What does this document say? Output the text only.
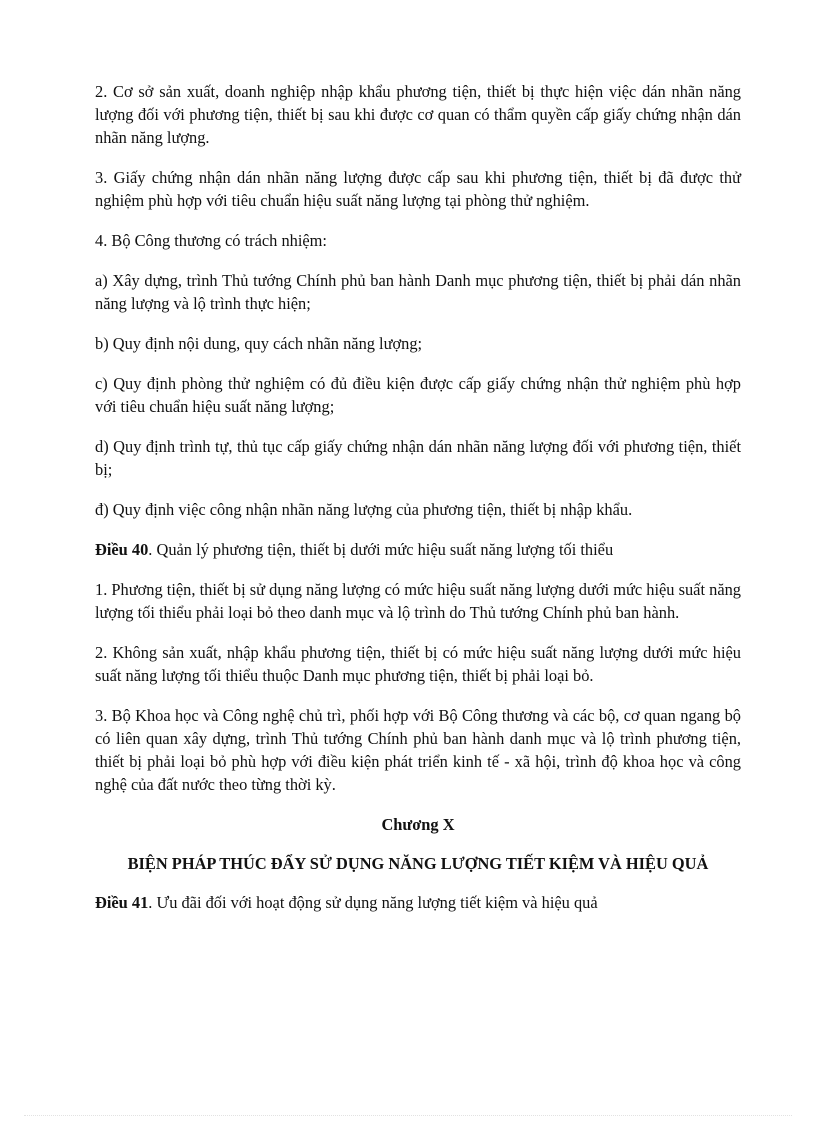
2. Cơ sở sản xuất, doanh nghiệp nhập khẩu phương tiện, thiết bị thực hiện việc dán nhãn năng lượng đối với phương tiện, thiết bị sau khi được cơ quan có thẩm quyền cấp giấy chứng nhận dán nhãn năng lượng.

3. Giấy chứng nhận dán nhãn năng lượng được cấp sau khi phương tiện, thiết bị đã được thử nghiệm phù hợp với tiêu chuẩn hiệu suất năng lượng tại phòng thử nghiệm.

4. Bộ Công thương có trách nhiệm:

a) Xây dựng, trình Thủ tướng Chính phủ ban hành Danh mục phương tiện, thiết bị phải dán nhãn năng lượng và lộ trình thực hiện;

b) Quy định nội dung, quy cách nhãn năng lượng;

c) Quy định phòng thử nghiệm có đủ điều kiện được cấp giấy chứng nhận thử nghiệm phù hợp với tiêu chuẩn hiệu suất năng lượng;

d) Quy định trình tự, thủ tục cấp giấy chứng nhận dán nhãn năng lượng đối với phương tiện, thiết bị;

đ) Quy định việc công nhận nhãn năng lượng của phương tiện, thiết bị nhập khẩu.

Điều 40. Quản lý phương tiện, thiết bị dưới mức hiệu suất năng lượng tối thiểu

1. Phương tiện, thiết bị sử dụng năng lượng có mức hiệu suất năng lượng dưới mức hiệu suất năng lượng tối thiểu phải loại bỏ theo danh mục và lộ trình do Thủ tướng Chính phủ ban hành.

2. Không sản xuất, nhập khẩu phương tiện, thiết bị có mức hiệu suất năng lượng dưới mức hiệu suất năng lượng tối thiểu thuộc Danh mục phương tiện, thiết bị phải loại bỏ.

3. Bộ Khoa học và Công nghệ chủ trì, phối hợp với Bộ Công thương và các bộ, cơ quan ngang bộ có liên quan xây dựng, trình Thủ tướng Chính phủ ban hành danh mục và lộ trình phương tiện, thiết bị phải loại bỏ phù hợp với điều kiện phát triển kinh tế - xã hội, trình độ khoa học và công nghệ của đất nước theo từng thời kỳ.

Chương X

BIỆN PHÁP THÚC ĐẨY SỬ DỤNG NĂNG LƯỢNG TIẾT KIỆM VÀ HIỆU QUẢ

Điều 41. Ưu đãi đối với hoạt động sử dụng năng lượng tiết kiệm và hiệu quả
